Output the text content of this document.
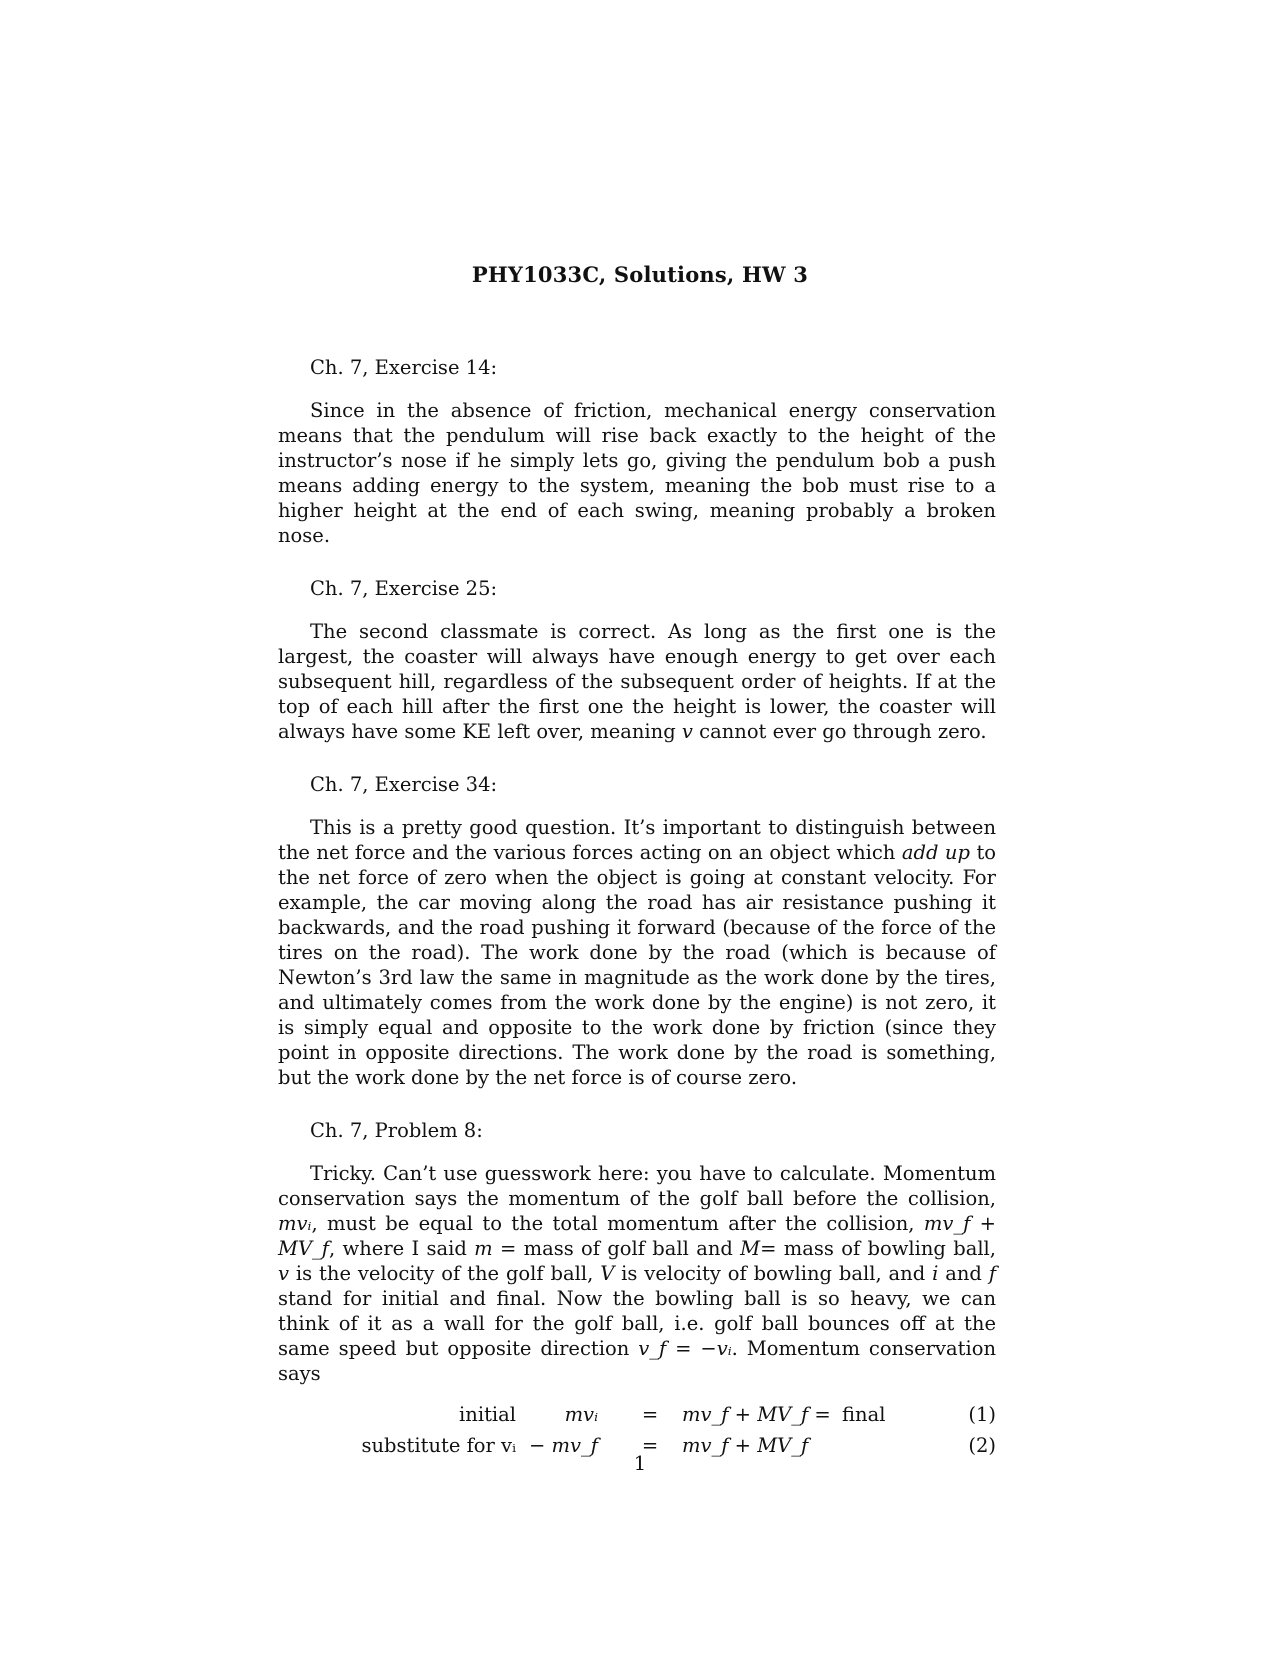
PHY1033C, Solutions, HW 3
Ch. 7, Exercise 14:
Since in the absence of friction, mechanical energy conservation means that the pendulum will rise back exactly to the height of the instructor’s nose if he simply lets go, giving the pendulum bob a push means adding energy to the system, meaning the bob must rise to a higher height at the end of each swing, meaning probably a broken nose.
Ch. 7, Exercise 25:
The second classmate is correct. As long as the first one is the largest, the coaster will always have enough energy to get over each subsequent hill, regardless of the subsequent order of heights. If at the top of each hill after the first one the height is lower, the coaster will always have some KE left over, meaning v cannot ever go through zero.
Ch. 7, Exercise 34:
This is a pretty good question. It’s important to distinguish between the net force and the various forces acting on an object which add up to the net force of zero when the object is going at constant velocity. For example, the car moving along the road has air resistance pushing it backwards, and the road pushing it forward (because of the force of the tires on the road). The work done by the road (which is because of Newton’s 3rd law the same in magnitude as the work done by the tires, and ultimately comes from the work done by the engine) is not zero, it is simply equal and opposite to the work done by friction (since they point in opposite directions. The work done by the road is something, but the work done by the net force is of course zero.
Ch. 7, Problem 8:
Tricky. Can’t use guesswork here: you have to calculate. Momentum conservation says the momentum of the golf ball before the collision, mvᵢ, must be equal to the total momentum after the collision, mv_f + MV_f, where I said m = mass of golf ball and M= mass of bowling ball, v is the velocity of the golf ball, V is velocity of bowling ball, and i and f stand for initial and final. Now the bowling ball is so heavy, we can think of it as a wall for the golf ball, i.e. golf ball bounces off at the same speed but opposite direction v_f = −vᵢ. Momentum conservation says
initial mvᵢ = mv_f + MV_f = final	(1)
substitute for vᵢ − mv_f = mv_f + MV_f	(2)
1
